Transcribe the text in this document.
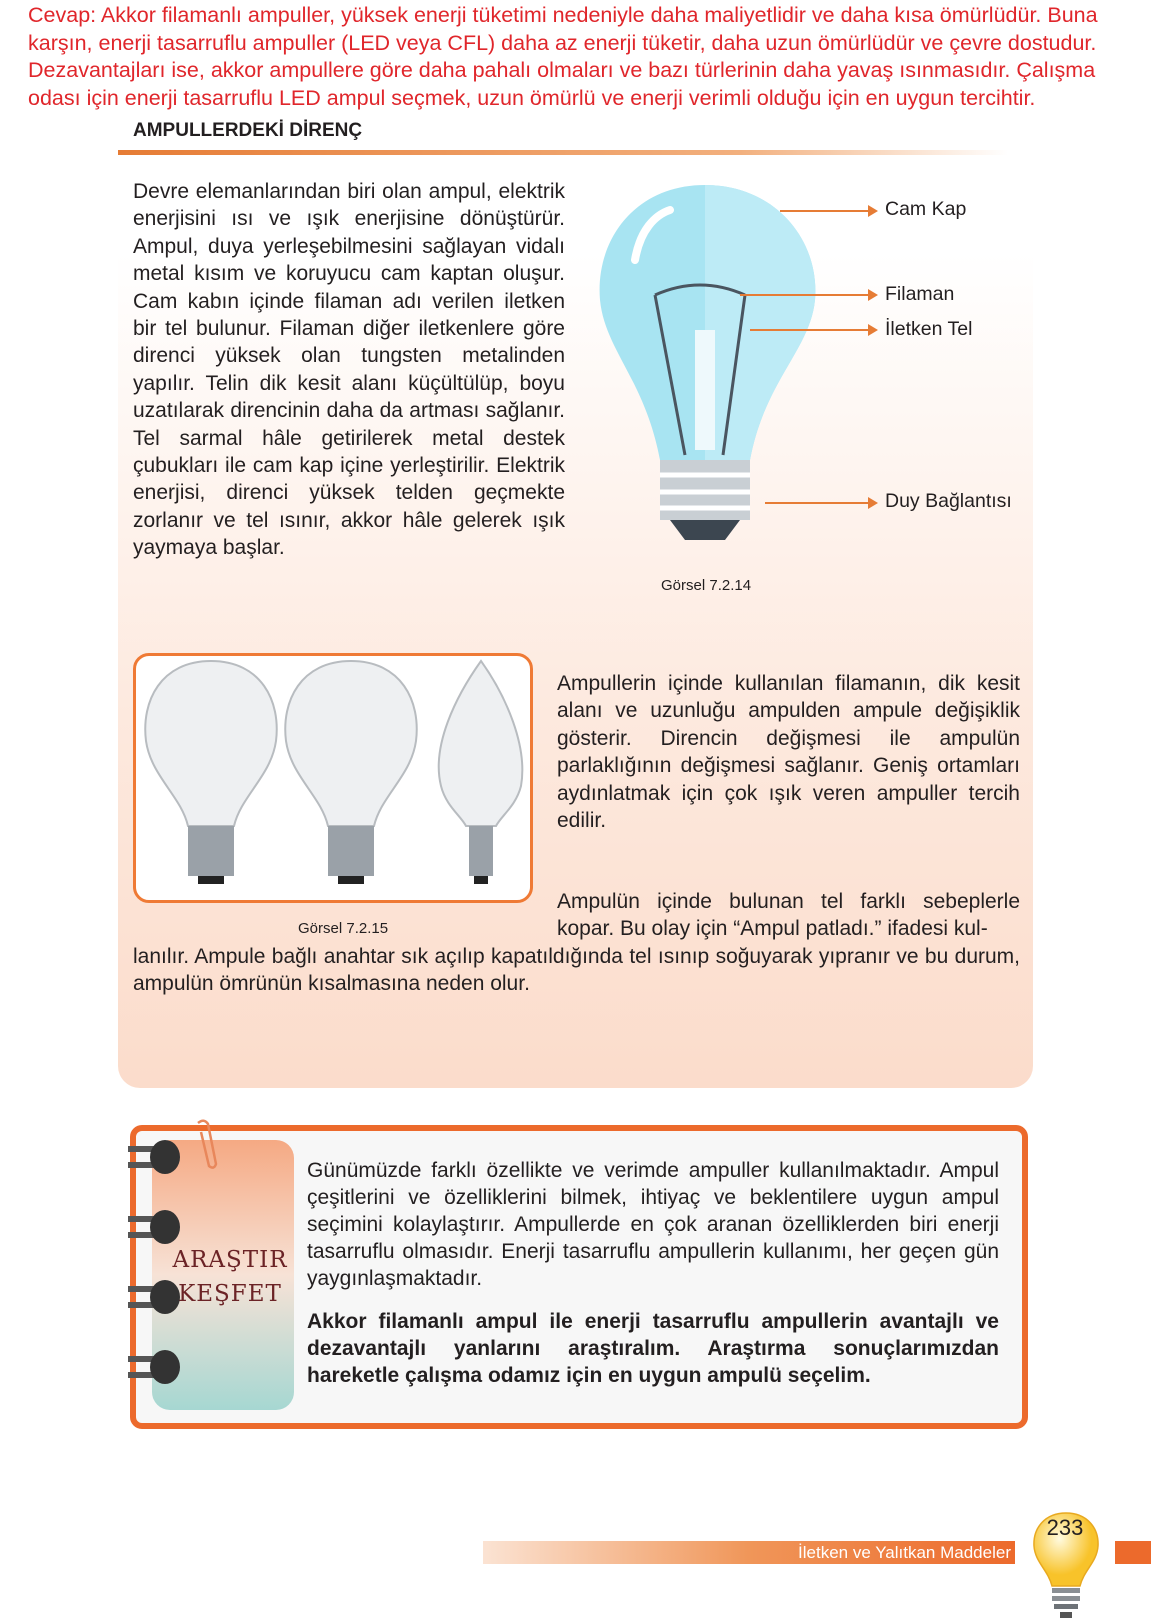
Cevap: Akkor filamanlı ampuller, yüksek enerji tüketimi nedeniyle daha maliyetlidir ve daha kısa ömürlüdür. Buna karşın, enerji tasarruflu ampuller (LED veya CFL) daha az enerji tüketir, daha uzun ömürlüdür ve çevre dostudur. Dezavantajları ise, akkor ampullere göre daha pahalı olmaları ve bazı türlerinin daha yavaş ısınmasıdır. Çalışma odası için enerji tasarruflu LED ampul seçmek, uzun ömürlü ve enerji verimli olduğu için en uygun tercihtir.
AMPULLERDEKİ DİRENÇ
Devre elemanlarından biri olan ampul, elektrik enerjisini ısı ve ışık enerjisine dönüştürür. Ampul, duya yerleşebilmesini sağlayan vidalı metal kısım ve koruyucu cam kaptan oluşur. Cam kabın içinde filaman adı verilen iletken bir tel bulunur. Filaman diğer iletkenlere göre direnci yüksek olan tungsten metalinden yapılır. Telin dik kesit alanı küçültülüp, boyu uzatılarak direncinin daha da artması sağlanır. Tel sarmal hâle getirilerek metal destek çubukları ile cam kap içine yerleştirilir. Elektrik enerjisi, direnci yüksek telden geçmekte zorlanır ve tel ısınır, akkor hâle gelerek ışık yaymaya başlar.
Cam Kap
Filaman
İletken Tel
Duy Bağlantısı
Görsel 7.2.14
Görsel 7.2.15
Ampullerin içinde kullanılan filamanın, dik kesit alanı ve uzunluğu ampulden ampule değişiklik gösterir. Direncin değişmesi ile ampulün parlaklığının değişmesi sağlanır. Geniş ortamları aydınlatmak için çok ışık veren ampuller tercih edilir.
Ampulün içinde bulunan tel farklı sebeplerle kopar. Bu olay için “Ampul patladı.” ifadesi kul-
lanılır. Ampule bağlı anahtar sık açılıp kapatıldığında tel ısınıp soğuyarak yıpranır ve bu durum, ampulün ömrünün kısalmasına neden olur.
ARAŞTIR
KEŞFET
Günümüzde farklı özellikte ve verimde ampuller kullanılmaktadır. Ampul çeşitlerini ve özelliklerini bilmek, ihtiyaç ve beklentilere uygun ampul seçimini kolaylaştırır. Ampullerde en çok aranan özelliklerden biri enerji tasarruflu olmasıdır. Enerji tasarruflu ampullerin kullanımı, her geçen gün yaygınlaşmaktadır.
Akkor filamanlı ampul ile enerji tasarruflu ampullerin avantajlı ve dezavantajlı yanlarını araştıralım. Araştırma sonuçlarımızdan hareketle çalışma odamız için en uygun ampulü seçelim.
İletken ve Yalıtkan Maddeler
233
